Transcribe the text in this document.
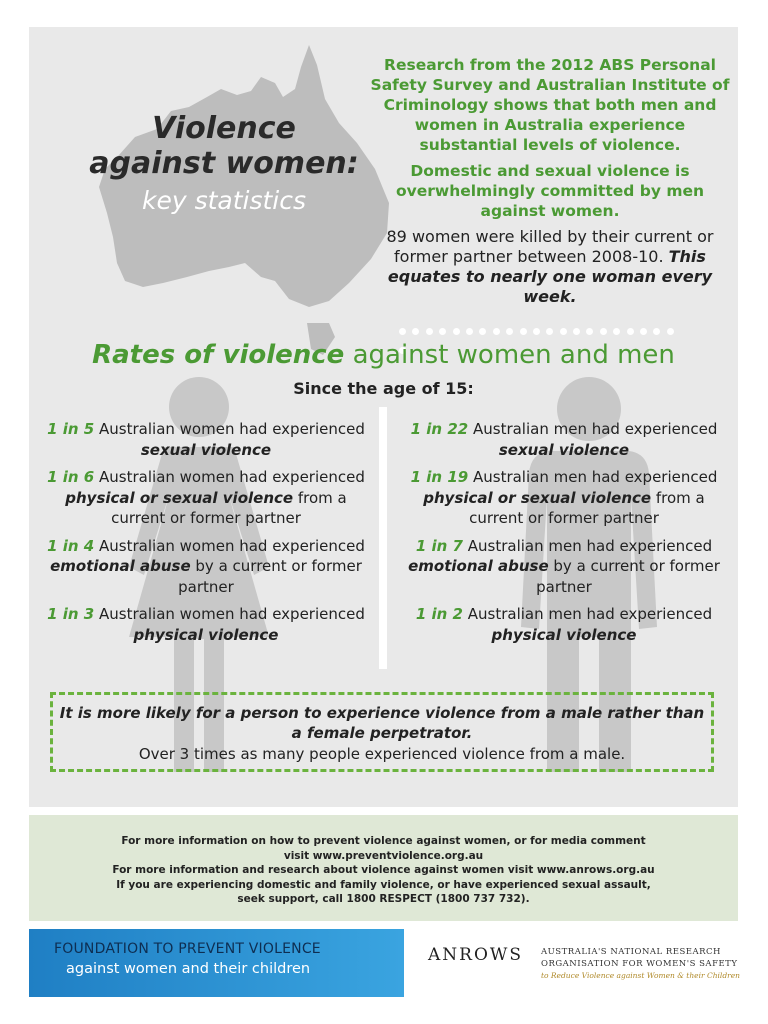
Violence
against women:
key statistics

Research from the 2012 ABS Personal Safety Survey and Australian Institute of Criminology shows that both men and women in Australia experience substantial levels of violence.

Domestic and sexual violence is overwhelmingly committed by men against women.

89 women were killed by their current or former partner between 2008-10. This equates to nearly one woman every week.

Rates of violence against women and men
Since the age of 15:
1 in 5 Australian women had experienced sexual violence
1 in 6 Australian women had experienced physical or sexual violence from a current or former partner
1 in 4 Australian women had experienced emotional abuse by a current or former partner
1 in 3 Australian women had experienced physical violence
1 in 22 Australian men had experienced sexual violence
1 in 19 Australian men had experienced physical or sexual violence from a current or former partner
1 in 7 Australian men had experienced emotional abuse by a current or former partner
1 in 2 Australian men had experienced physical violence
It is more likely for a person to experience violence from a male rather than a female perpetrator.
Over 3 times as many people experienced violence from a male.

For more information on how to prevent violence against women, or for media comment

visit www.preventviolence.org.au

For more information and research about violence against women visit www.anrows.org.au

If you are experiencing domestic and family violence, or have experienced sexual assault,

seek support, call 1800 RESPECT (1800 737 732).

FOUNDATION TO PREVENT VIOLENCE
against women and their children
ANROWS AUSTRALIA'S NATIONAL RESEARCH
ORGANISATION FOR WOMEN'S SAFETY
to Reduce Violence against Women & their Children
